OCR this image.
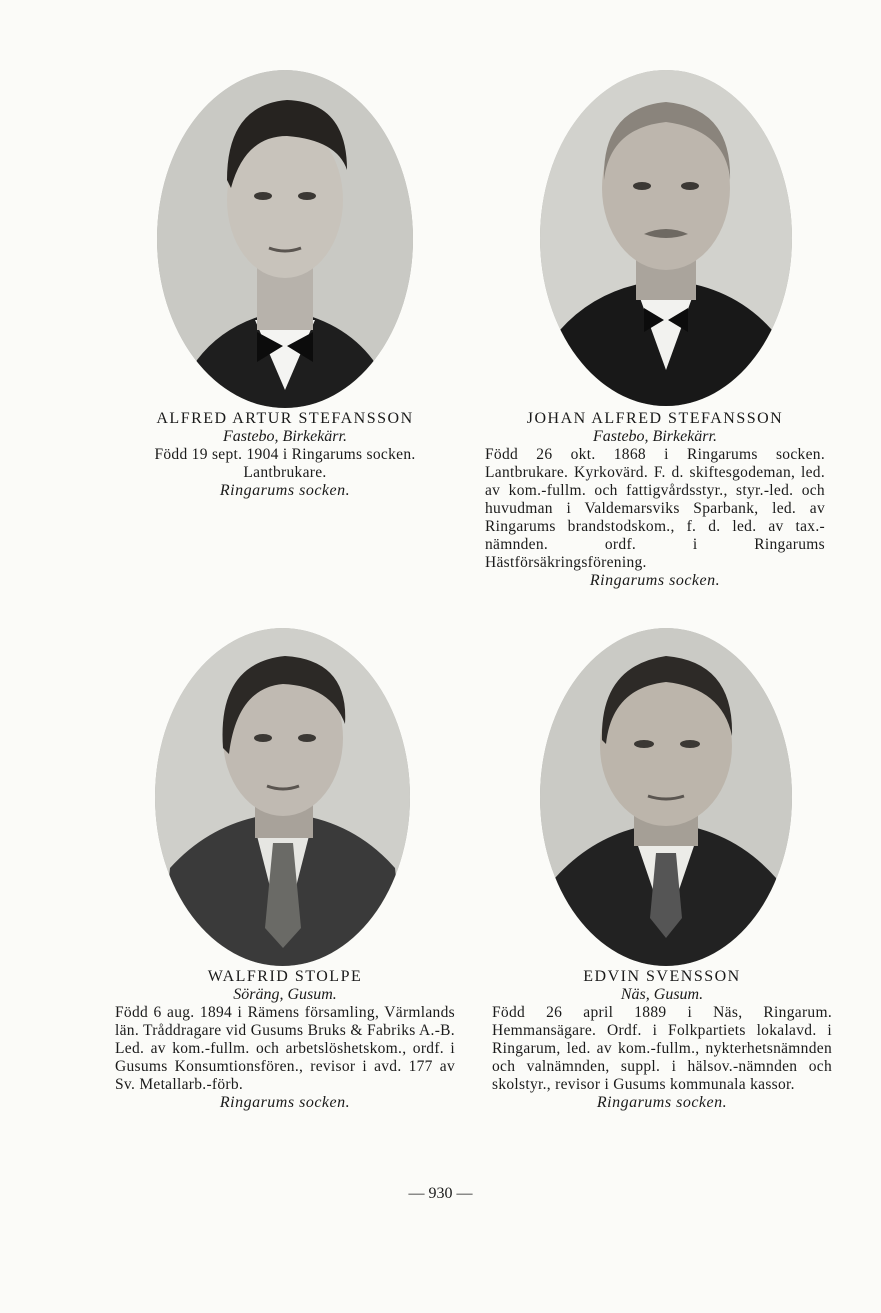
ALFRED ARTUR STEFANSSON
Fastebo, Birkekärr.
Född 19 sept. 1904 i Ringarums socken. Lantbrukare.
Ringarums socken.
JOHAN ALFRED STEFANSSON
Fastebo, Birkekärr.
Född 26 okt. 1868 i Ringarums socken. Lantbrukare. Kyrkovärd. F. d. skiftesgodeman, led. av kom.-fullm. och fattigvårdsstyr., styr.-led. och huvudman i Valdemarsviks Sparbank, led. av Ringarums brandstodskom., f. d. led. av tax.-nämnden. ordf. i Ringarums Hästförsäkringsförening.
Ringarums socken.
WALFRID STOLPE
Söräng, Gusum.
Född 6 aug. 1894 i Rämens församling, Värmlands län. Tråddragare vid Gusums Bruks & Fabriks A.-B. Led. av kom.-fullm. och arbetslöshetskom., ordf. i Gusums Konsumtionsfören., revisor i avd. 177 av Sv. Metallarb.-förb.
Ringarums socken.
EDVIN SVENSSON
Näs, Gusum.
Född 26 april 1889 i Näs, Ringarum. Hemmansägare. Ordf. i Folkpartiets lokalavd. i Ringarum, led. av kom.-fullm., nykterhetsnämnden och valnämnden, suppl. i hälsov.-nämnden och skolstyr., revisor i Gusums kommunala kassor.
Ringarums socken.
— 930 —
